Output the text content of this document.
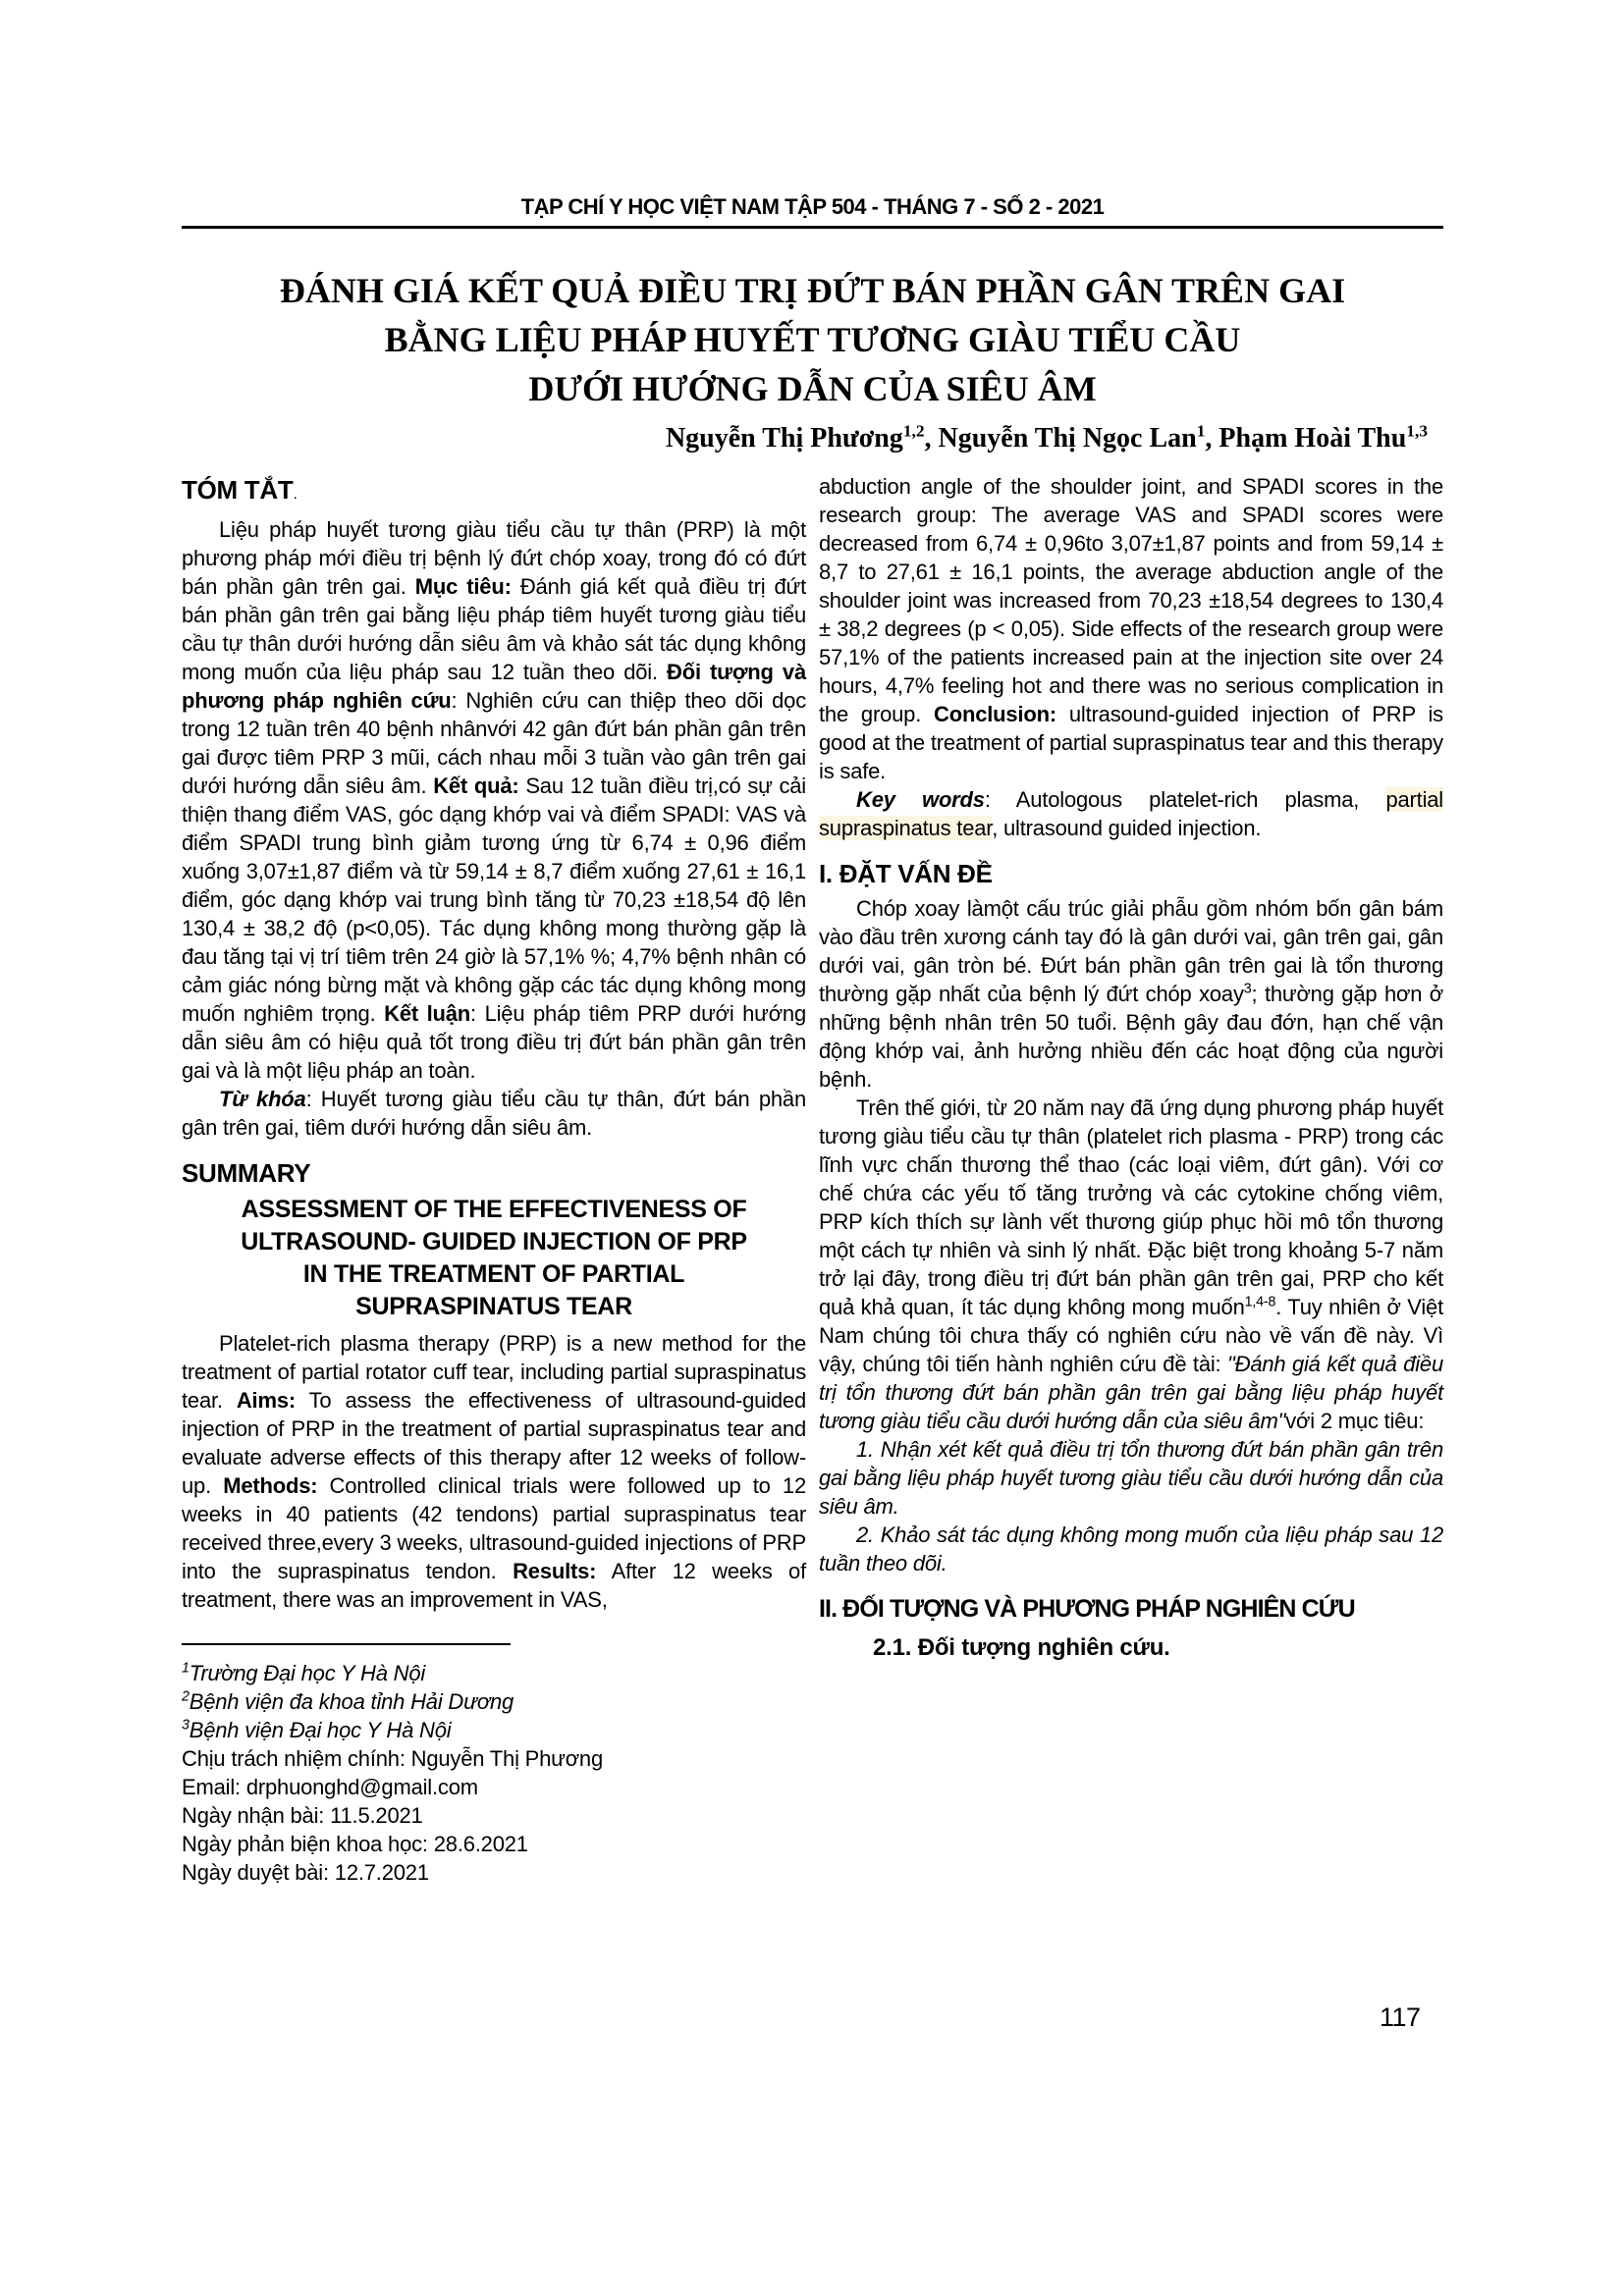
TẠP CHÍ Y HỌC VIỆT NAM TẬP 504 - THÁNG 7 - SỐ 2 - 2021
ĐÁNH GIÁ KẾT QUẢ ĐIỀU TRỊ ĐỨT BÁN PHẦN GÂN TRÊN GAI
BẰNG LIỆU PHÁP HUYẾT TƯƠNG GIÀU TIỂU CẦU
DƯỚI HƯỚNG DẪN CỦA SIÊU ÂM
Nguyễn Thị Phương$^{1,2}$, Nguyễn Thị Ngọc Lan$^1$, Phạm Hoài Thu$^{1,3}$
TÓM TẮT.

Liệu pháp huyết tương giàu tiểu cầu tự thân (PRP) là một phương pháp mới điều trị bệnh lý đứt chóp xoay, trong đó có đứt bán phần gân trên gai. Mục tiêu: Đánh giá kết quả điều trị đứt bán phần gân trên gai bằng liệu pháp tiêm huyết tương giàu tiểu cầu tự thân dưới hướng dẫn siêu âm và khảo sát tác dụng không mong muốn của liệu pháp sau 12 tuần theo dõi. Đối tượng và phương pháp nghiên cứu: Nghiên cứu can thiệp theo dõi dọc trong 12 tuần trên 40 bệnh nhânvới 42 gân đứt bán phần gân trên gai được tiêm PRP 3 mũi, cách nhau mỗi 3 tuần vào gân trên gai dưới hướng dẫn siêu âm. Kết quả: Sau 12 tuần điều trị,có sự cải thiện thang điểm VAS, góc dạng khớp vai và điểm SPADI: VAS và điểm SPADI trung bình giảm tương ứng từ 6,74 ± 0,96 điểm xuống 3,07±1,87 điểm và từ 59,14 ± 8,7 điểm xuống 27,61 ± 16,1 điểm, góc dạng khớp vai trung bình tăng từ 70,23 ±18,54 độ lên 130,4 ± 38,2 độ (p<0,05). Tác dụng không mong thường gặp là đau tăng tại vị trí tiêm trên 24 giờ là 57,1% %; 4,7% bệnh nhân có cảm giác nóng bừng mặt và không gặp các tác dụng không mong muốn nghiêm trọng. Kết luận: Liệu pháp tiêm PRP dưới hướng dẫn siêu âm có hiệu quả tốt trong điều trị đứt bán phần gân trên gai và là một liệu pháp an toàn.

Từ khóa: Huyết tương giàu tiểu cầu tự thân, đứt bán phần gân trên gai, tiêm dưới hướng dẫn siêu âm.

SUMMARY
ASSESSMENT OF THE EFFECTIVENESS OF
ULTRASOUND- GUIDED INJECTION OF PRP
IN THE TREATMENT OF PARTIAL
SUPRASPINATUS TEAR

Platelet-rich plasma therapy (PRP) is a new method for the treatment of partial rotator cuff tear, including partial supraspinatus tear. Aims: To assess the effectiveness of ultrasound-guided injection of PRP in the treatment of partial supraspinatus tear and evaluate adverse effects of this therapy after 12 weeks of follow-up. Methods: Controlled clinical trials were followed up to 12 weeks in 40 patients (42 tendons) partial supraspinatus tear received three,every 3 weeks, ultrasound-guided injections of PRP into the supraspinatus tendon. Results: After 12 weeks of treatment, there was an improvement in VAS,

$^1$Trường Đại học Y Hà Nội
$^2$Bệnh viện đa khoa tỉnh Hải Dương
$^3$Bệnh viện Đại học Y Hà Nội
Chịu trách nhiệm chính: Nguyễn Thị Phương
Email: drphuonghd@gmail.com
Ngày nhận bài: 11.5.2021
Ngày phản biện khoa học: 28.6.2021
Ngày duyệt bài: 12.7.2021

abduction angle of the shoulder joint, and SPADI scores in the research group: The average VAS and SPADI scores were decreased from 6,74 ± 0,96to 3,07±1,87 points and from 59,14 ± 8,7 to 27,61 ± 16,1 points, the average abduction angle of the shoulder joint was increased from 70,23 ±18,54 degrees to 130,4 ± 38,2 degrees (p < 0,05). Side effects of the research group were 57,1% of the patients increased pain at the injection site over 24 hours, 4,7% feeling hot and there was no serious complication in the group. Conclusion: ultrasound-guided injection of PRP is good at the treatment of partial supraspinatus tear and this therapy is safe.

Key words: Autologous platelet-rich plasma, partial supraspinatus tear, ultrasound guided injection.

I. ĐẶT VẤN ĐỀ

Chóp xoay làmột cấu trúc giải phẫu gồm nhóm bốn gân bám vào đầu trên xương cánh tay đó là gân dưới vai, gân trên gai, gân dưới vai, gân tròn bé. Đứt bán phần gân trên gai là tổn thương thường gặp nhất của bệnh lý đứt chóp xoay$^3$; thường gặp hơn ở những bệnh nhân trên 50 tuổi. Bệnh gây đau đớn, hạn chế vận động khớp vai, ảnh hưởng nhiều đến các hoạt động của người bệnh.

Trên thế giới, từ 20 năm nay đã ứng dụng phương pháp huyết tương giàu tiểu cầu tự thân (platelet rich plasma - PRP) trong các lĩnh vực chấn thương thể thao (các loại viêm, đứt gân). Với cơ chế chứa các yếu tố tăng trưởng và các cytokine chống viêm, PRP kích thích sự lành vết thương giúp phục hồi mô tổn thương một cách tự nhiên và sinh lý nhất. Đặc biệt trong khoảng 5-7 năm trở lại đây, trong điều trị đứt bán phần gân trên gai, PRP cho kết quả khả quan, ít tác dụng không mong muốn$^{1,4-8}$. Tuy nhiên ở Việt Nam chúng tôi chưa thấy có nghiên cứu nào về vấn đề này. Vì vậy, chúng tôi tiến hành nghiên cứu đề tài: "Đánh giá kết quả điều trị tổn thương đứt bán phần gân trên gai bằng liệu pháp huyết tương giàu tiểu cầu dưới hướng dẫn của siêu âm"với 2 mục tiêu:

1. Nhận xét kết quả điều trị tổn thương đứt bán phần gân trên gai bằng liệu pháp huyết tương giàu tiểu cầu dưới hướng dẫn của siêu âm.

2. Khảo sát tác dụng không mong muốn của liệu pháp sau 12 tuần theo dõi.

II. ĐỐI TƯỢNG VÀ PHƯƠNG PHÁP NGHIÊN CỨU
2.1. Đối tượng nghiên cứu.
117
